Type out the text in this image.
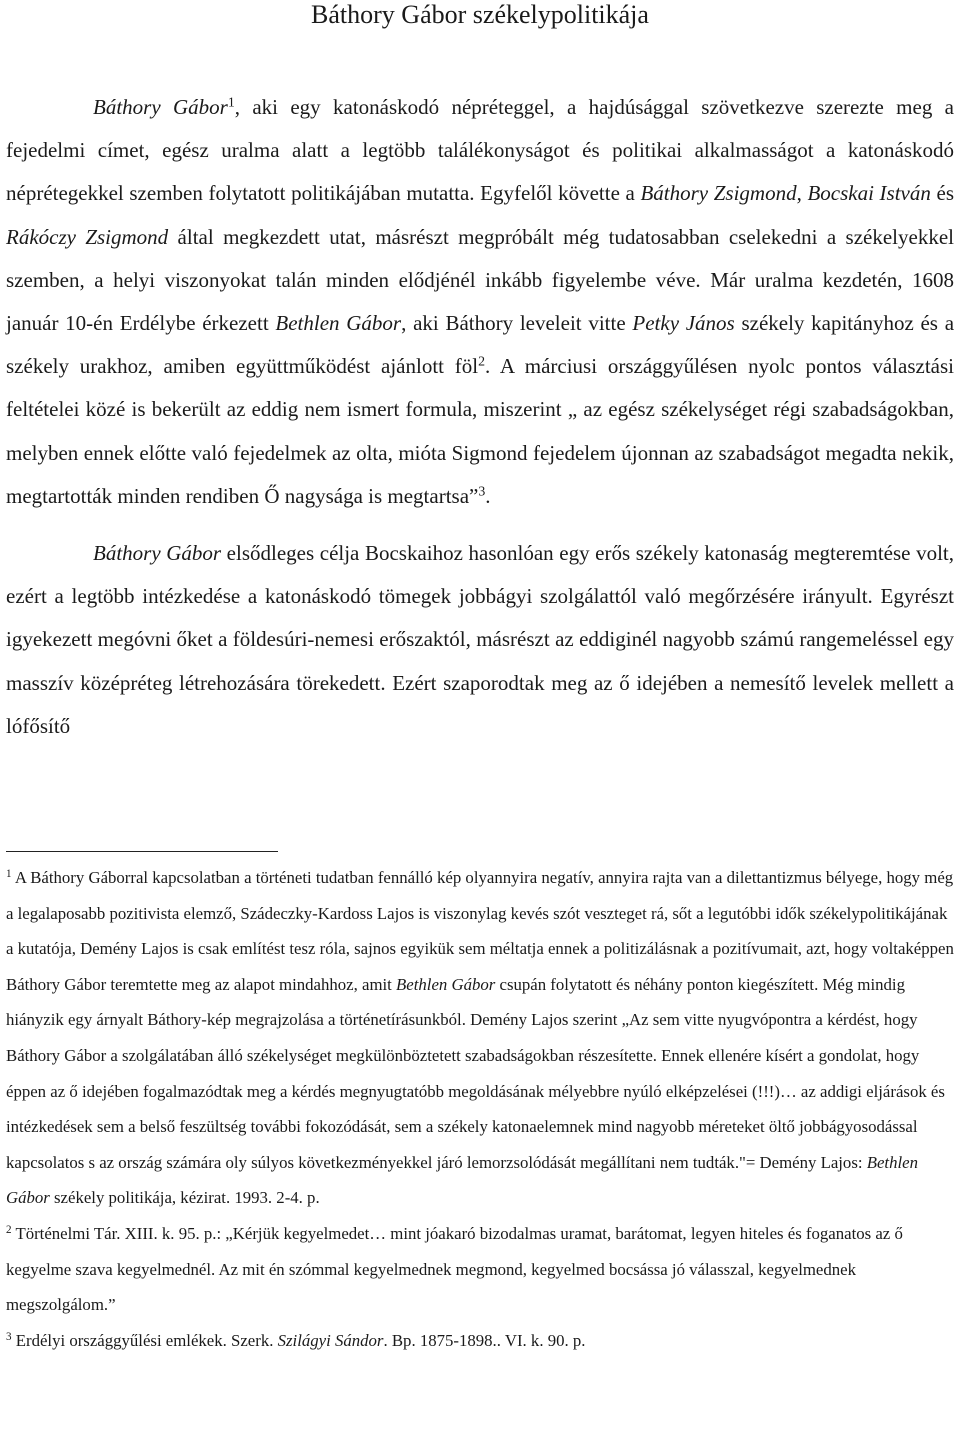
Báthory Gábor székelypolitikája

Báthory Gábor$^1$, aki egy katonáskodó népréteggel, a hajdúsággal szövetkezve szerezte meg a fejedelmi címet, egész uralma alatt a legtöbb találékonyságot és politikai alkalmasságot a katonáskodó néprétegekkel szemben folytatott politikájában mutatta. Egyfelől követte a Báthory Zsigmond, Bocskai István és Rákóczy Zsigmond által megkezdett utat, másrészt megpróbált még tudatosabban cselekedni a székelyekkel szemben, a helyi viszonyokat talán minden elődjénél inkább figyelembe véve. Már uralma kezdetén, 1608 január 10-én Erdélybe érkezett Bethlen Gábor, aki Báthory leveleit vitte Petky János székely kapitányhoz és a székely urakhoz, amiben együttműködést ajánlott föl$^2$. A márciusi országgyűlésen nyolc pontos választási feltételei közé is bekerült az eddig nem ismert formula, miszerint „ az egész székelységet régi szabadságokban, melyben ennek előtte való fejedelmek az olta, mióta Sigmond fejedelem újonnan az szabadságot megadta nekik, megtartották minden rendiben Ő nagysága is megtartsa”$^3$.

Báthory Gábor elsődleges célja Bocskaihoz hasonlóan egy erős székely katonaság megteremtése volt, ezért a legtöbb intézkedése a katonáskodó tömegek jobbágyi szolgálattól való megőrzésére irányult. Egyrészt igyekezett megóvni őket a földesúri-nemesi erőszaktól, másrészt az eddiginél nagyobb számú rangemeléssel egy masszív középréteg létrehozására törekedett. Ezért szaporodtak meg az ő idejében a nemesítő levelek mellett a lófősítő

$^1$ A Báthory Gáborral kapcsolatban a történeti tudatban fennálló kép olyannyira negatív, annyira rajta van a dilettantizmus bélyege, hogy még a legalaposabb pozitivista elemző, Szádeczky-Kardoss Lajos is viszonylag kevés szót veszteget rá, sőt a legutóbbi idők székelypolitikájának a kutatója, Demény Lajos is csak említést tesz róla, sajnos egyikük sem méltatja ennek a politizálásnak a pozitívumait, azt, hogy voltaképpen Báthory Gábor teremtette meg az alapot mindahhoz, amit Bethlen Gábor csupán folytatott és néhány ponton kiegészített. Még mindig hiányzik egy árnyalt Báthory-kép megrajzolása a történetírásunkból. Demény Lajos szerint „Az sem vitte nyugvópontra a kérdést, hogy Báthory Gábor a szolgálatában álló székelységet megkülönböztetett szabadságokban részesítette. Ennek ellenére kísért a gondolat, hogy éppen az ő idejében fogalmazódtak meg a kérdés megnyugtatóbb megoldásának mélyebbre nyúló elképzelései (!!!)… az addigi eljárások és intézkedések sem a belső feszültség további fokozódását, sem a székely katonaelemnek mind nagyobb méreteket öltő jobbágyosodással kapcsolatos s az ország számára oly súlyos következményekkel járó lemorzsolódását megállítani nem tudták."= Demény Lajos: Bethlen Gábor székely politikája, kézirat. 1993. 2-4. p.

$^2$ Történelmi Tár. XIII. k. 95. p.: „Kérjük kegyelmedet… mint jóakaró bizodalmas uramat, barátomat, legyen hiteles és foganatos az ő kegyelme szava kegyelmednél. Az mit én szómmal kegyelmednek megmond, kegyelmed bocsássa jó válasszal, kegyelmednek megszolgálom.”

$^3$ Erdélyi országgyűlési emlékek. Szerk. Szilágyi Sándor. Bp. 1875-1898.. VI. k. 90. p.
